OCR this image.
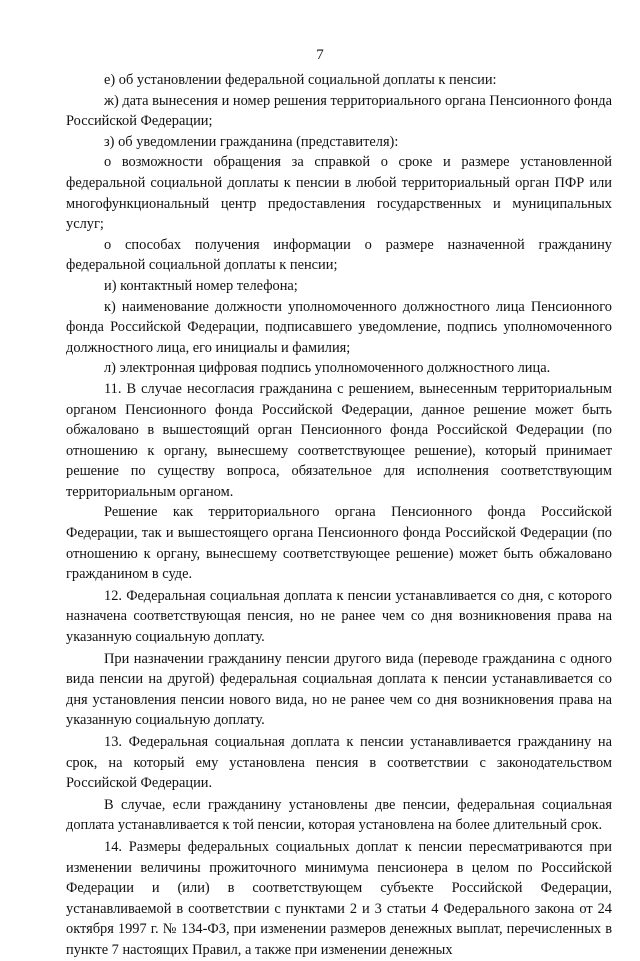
7

е) об установлении федеральной социальной доплаты к пенсии:

ж) дата вынесения и номер решения территориального органа Пенсионного фонда Российской Федерации;

з) об уведомлении гражданина (представителя):

о возможности обращения за справкой о сроке и размере установленной федеральной социальной доплаты к пенсии в любой территориальный орган ПФР или многофункциональный центр предоставления государственных и муниципальных услуг;

о способах получения информации о размере назначенной гражданину федеральной социальной доплаты к пенсии;

и) контактный номер телефона;

к) наименование должности уполномоченного должностного лица Пенсионного фонда Российской Федерации, подписавшего уведомление, подпись уполномоченного должностного лица, его инициалы и фамилия;

л) электронная цифровая подпись уполномоченного должностного лица.

11. В случае несогласия гражданина с решением, вынесенным территориальным органом Пенсионного фонда Российской Федерации, данное решение может быть обжаловано в вышестоящий орган Пенсионного фонда Российской Федерации (по отношению к органу, вынесшему соответствующее решение), который принимает решение по существу вопроса, обязательное для исполнения соответствующим территориальным органом.

Решение как территориального органа Пенсионного фонда Российской Федерации, так и вышестоящего органа Пенсионного фонда Российской Федерации (по отношению к органу, вынесшему соответствующее решение) может быть обжаловано гражданином в суде.

12. Федеральная социальная доплата к пенсии устанавливается со дня, с которого назначена соответствующая пенсия, но не ранее чем со дня возникновения права на указанную социальную доплату.

При назначении гражданину пенсии другого вида (переводе гражданина с одного вида пенсии на другой) федеральная социальная доплата к пенсии устанавливается со дня установления пенсии нового вида, но не ранее чем со дня возникновения права на указанную социальную доплату.

13. Федеральная социальная доплата к пенсии устанавливается гражданину на срок, на который ему установлена пенсия в соответствии с законодательством Российской Федерации.

В случае, если гражданину установлены две пенсии, федеральная социальная доплата устанавливается к той пенсии, которая установлена на более длительный срок.

14. Размеры федеральных социальных доплат к пенсии пересматриваются при изменении величины прожиточного минимума пенсионера в целом по Российской Федерации и (или) в соответствующем субъекте Российской Федерации, устанавливаемой в соответствии с пунктами 2 и 3 статьи 4 Федерального закона от 24 октября 1997 г. № 134-ФЗ, при изменении размеров денежных выплат, перечисленных в пункте 7 настоящих Правил, а также при изменении денежных
